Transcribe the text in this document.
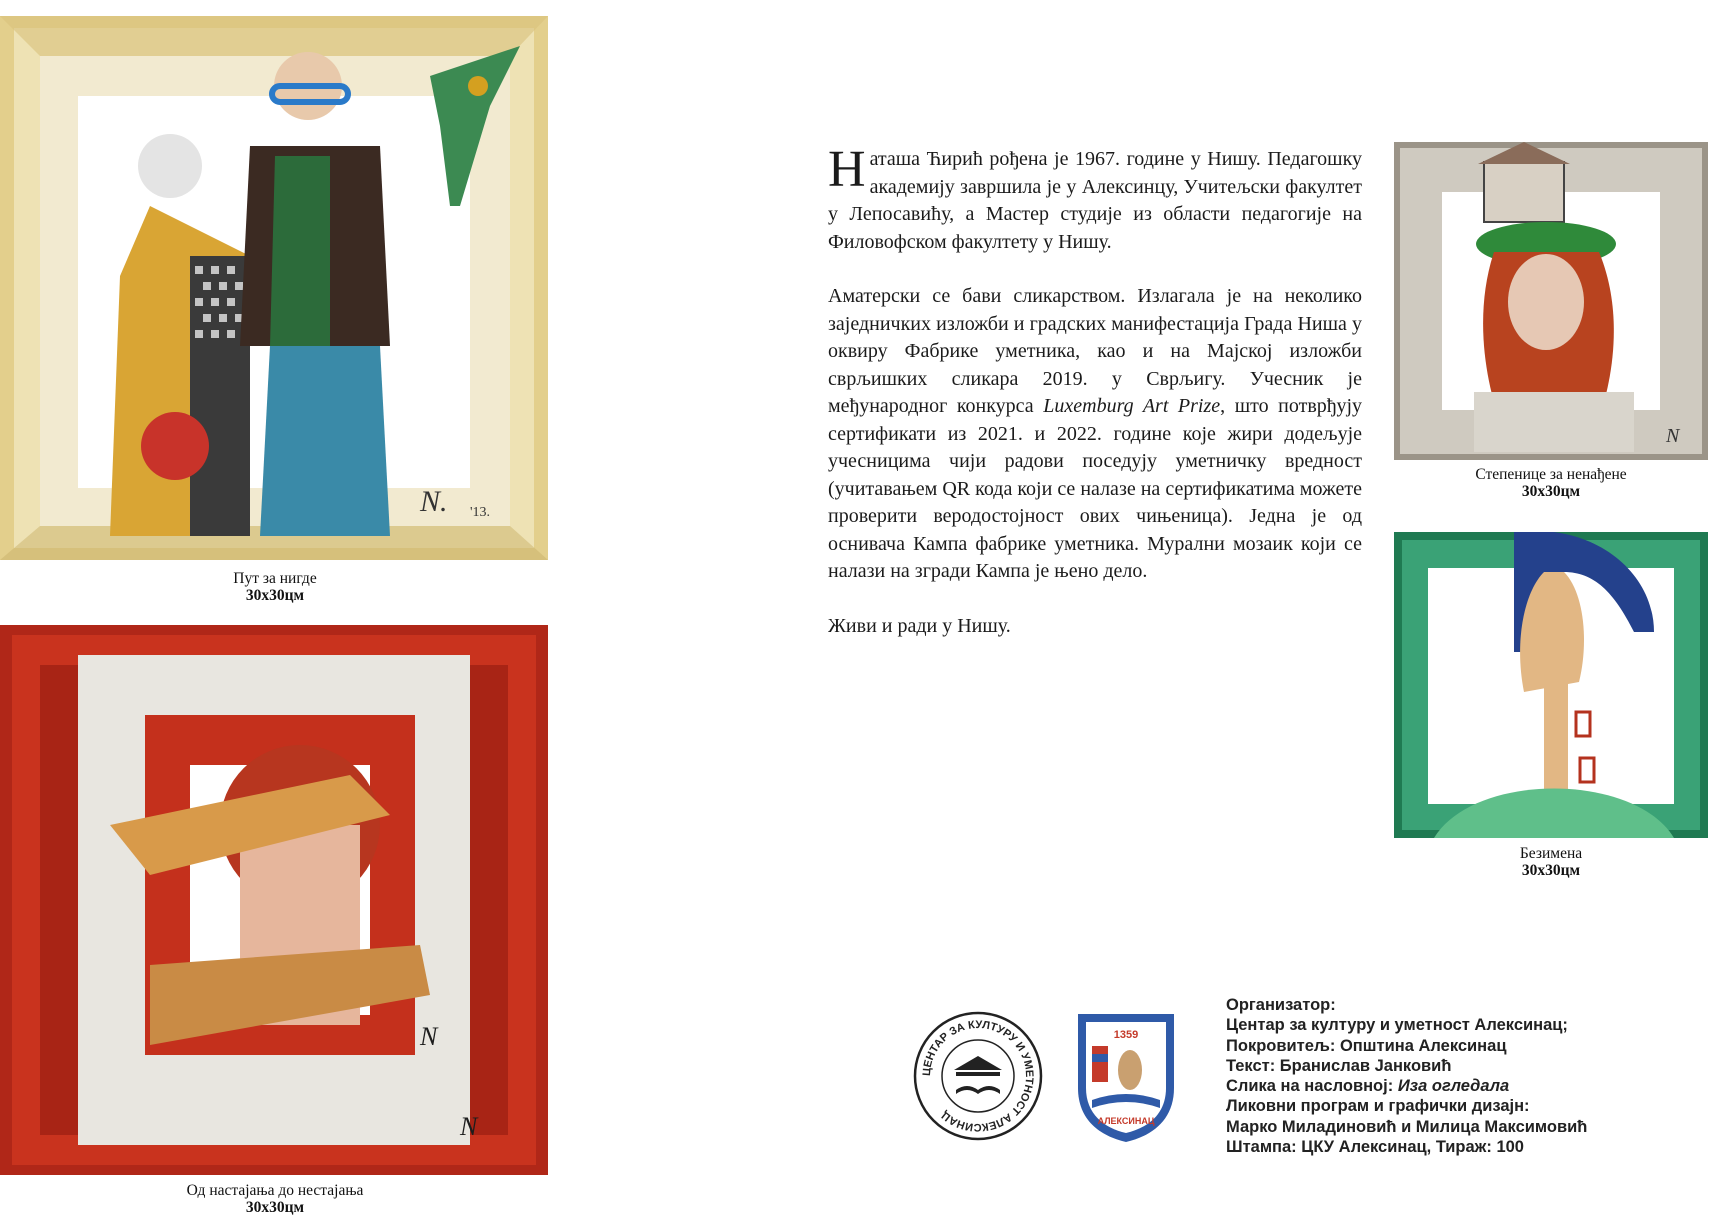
N. '13.
Пут за нигде
30x30цм
N
N
Од настајања до нестајања
30x30цм

Наташа Ћирић рођена је 1967. године у Нишу. Педагошку академију завршила је у Алексинцу, Учитељски факултет у Лепосавићу, а Мастер студије из области педагогије на Филовофском факултету у Нишу.

Аматерски се бави сликарством. Излагала је на неколико заједничких изложби и градских манифестација Града Ниша у оквиру Фабрике уметника, као и на Мајској изложби сврљишких сликара 2019. у Сврљигу. Учесник је међународног конкурса Luxemburg Art Prize, што потврђују сертификати из 2021. и 2022. године које жири додељује учесницима чији радови поседују уметничку вредност (учитавањем QR кода који се налазе на сертификатима можете проверити веродостојност ових чињеница). Једна је од оснивача Кампа фабрике уметника. Мурални мозаик који се налази на згради Кампа је њено дело.

Живи и ради у Нишу.

N
Степенице за ненађене
30x30цм
Безимена
30x30цм
ЦЕНТАР ЗА КУЛТУРУ И УМЕТНОСТ АЛЕКСИНАЦ
1359
АЛЕКСИНАЦ
Организатор:
Центар за културу и уметност Алексинац;
Покровитељ: Општина Алексинац
Текст: Бранислав Јанковић
Слика на насловној: Иза огледала
Ликовни програм и графички дизајн:
Марко Миладиновић и Милица Максимовић
Штампа: ЦКУ Алексинац, Тираж: 100
